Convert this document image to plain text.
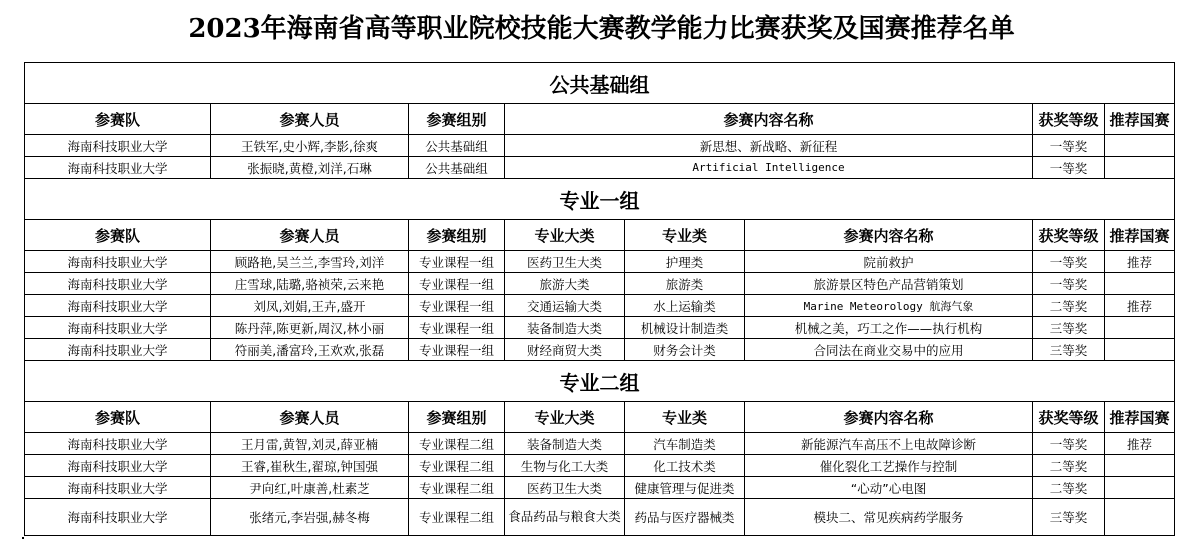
2023年海南省高等职业院校技能大赛教学能力比赛获奖及国赛推荐名单
公共基础组							
参赛队	参赛人员	参赛组别	参赛内容名称			获奖等级	推荐国赛
海南科技职业大学	王铁军,史小辉,李影,徐爽	公共基础组	新思想、新战略、新征程			一等奖	
海南科技职业大学	张振晓,黄橙,刘洋,石琳	公共基础组	Artificial Intelligence			一等奖	
专业一组							
参赛队	参赛人员	参赛组别	专业大类	专业类	参赛内容名称	获奖等级	推荐国赛
海南科技职业大学	顾路艳,吴兰兰,李雪玲,刘洋	专业课程一组	医药卫生大类	护理类	院前救护	一等奖	推荐
海南科技职业大学	庄雪球,陆璐,骆祯荣,云来艳	专业课程一组	旅游大类	旅游类	旅游景区特色产品营销策划	一等奖	
海南科技职业大学	刘凤,刘娟,王卉,盛开	专业课程一组	交通运输大类	水上运输类	Marine Meteorology 航海气象	二等奖	推荐
海南科技职业大学	陈丹萍,陈更新,周汉,林小丽	专业课程一组	装备制造大类	机械设计制造类	机械之美，巧工之作——执行机构	三等奖	
海南科技职业大学	符丽美,潘富玲,王欢欢,张磊	专业课程一组	财经商贸大类	财务会计类	合同法在商业交易中的应用	三等奖	
专业二组							
参赛队	参赛人员	参赛组别	专业大类	专业类	参赛内容名称	获奖等级	推荐国赛
海南科技职业大学	王月雷,黄智,刘灵,薛亚楠	专业课程二组	装备制造大类	汽车制造类	新能源汽车高压不上电故障诊断	一等奖	推荐
海南科技职业大学	王睿,崔秋生,翟琼,钟国强	专业课程二组	生物与化工大类	化工技术类	催化裂化工艺操作与控制	二等奖	
海南科技职业大学	尹向红,叶康善,杜素芝	专业课程二组	医药卫生大类	健康管理与促进类	“心动”心电图	二等奖	
海南科技职业大学	张绪元,李岩强,赫冬梅	专业课程二组	食品药品与粮食大类	药品与医疗器械类	模块二、常见疾病药学服务	三等奖	
